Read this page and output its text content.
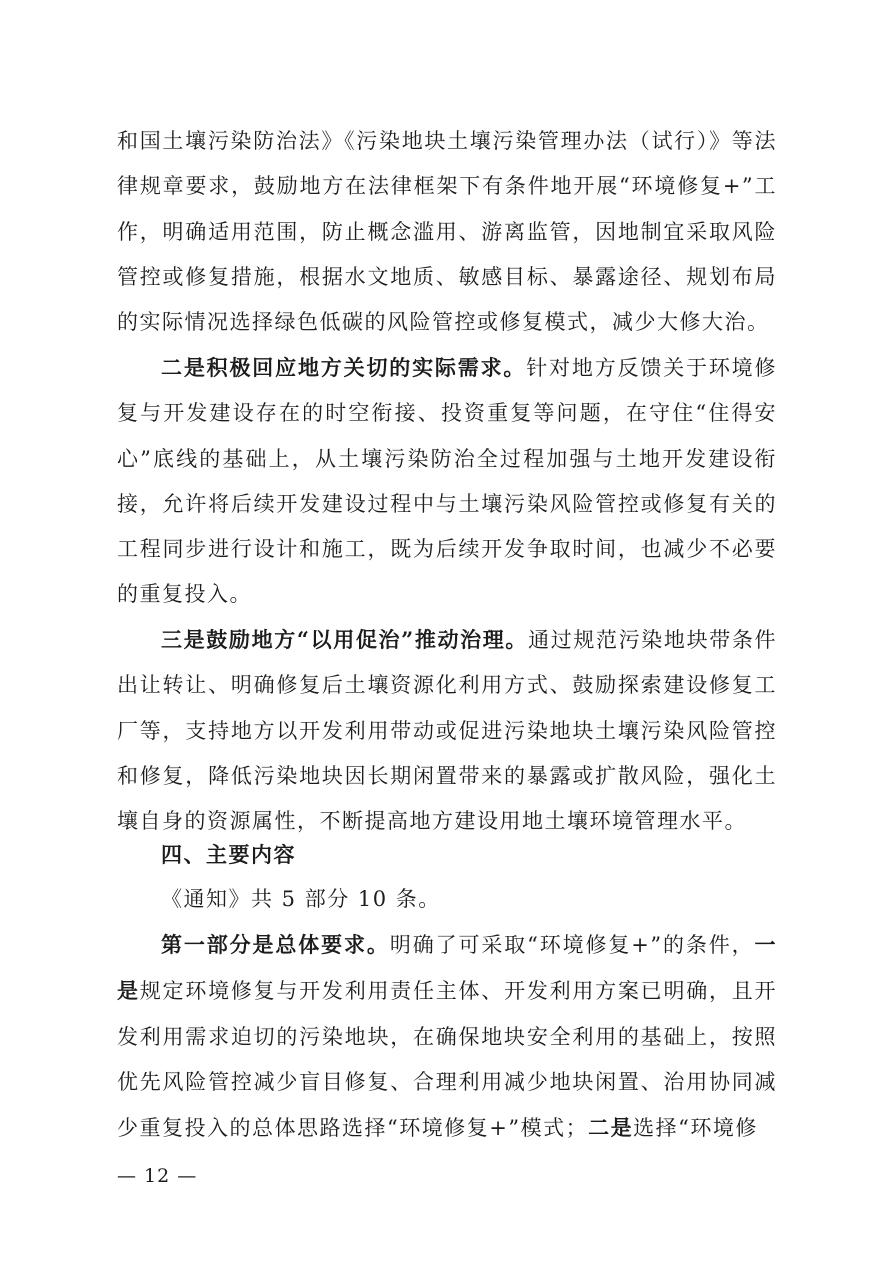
和国土壤污染防治法》《污染地块土壤污染管理办法（试行）》等法律规章要求，鼓励地方在法律框架下有条件地开展“环境修复+”工作，明确适用范围，防止概念滥用、游离监管，因地制宜采取风险管控或修复措施，根据水文地质、敏感目标、暴露途径、规划布局的实际情况选择绿色低碳的风险管控或修复模式，减少大修大治。

二是积极回应地方关切的实际需求。针对地方反馈关于环境修复与开发建设存在的时空衔接、投资重复等问题，在守住“住得安心”底线的基础上，从土壤污染防治全过程加强与土地开发建设衔接，允许将后续开发建设过程中与土壤污染风险管控或修复有关的工程同步进行设计和施工，既为后续开发争取时间，也减少不必要的重复投入。

三是鼓励地方“以用促治”推动治理。通过规范污染地块带条件出让转让、明确修复后土壤资源化利用方式、鼓励探索建设修复工厂等，支持地方以开发利用带动或促进污染地块土壤污染风险管控和修复，降低污染地块因长期闲置带来的暴露或扩散风险，强化土壤自身的资源属性，不断提高地方建设用地土壤环境管理水平。

四、主要内容

《通知》共 5 部分 10 条。

第一部分是总体要求。明确了可采取“环境修复+”的条件，一是规定环境修复与开发利用责任主体、开发利用方案已明确，且开发利用需求迫切的污染地块，在确保地块安全利用的基础上，按照优先风险管控减少盲目修复、合理利用减少地块闲置、治用协同减少重复投入的总体思路选择“环境修复+”模式；二是选择“环境修

— 12 —
